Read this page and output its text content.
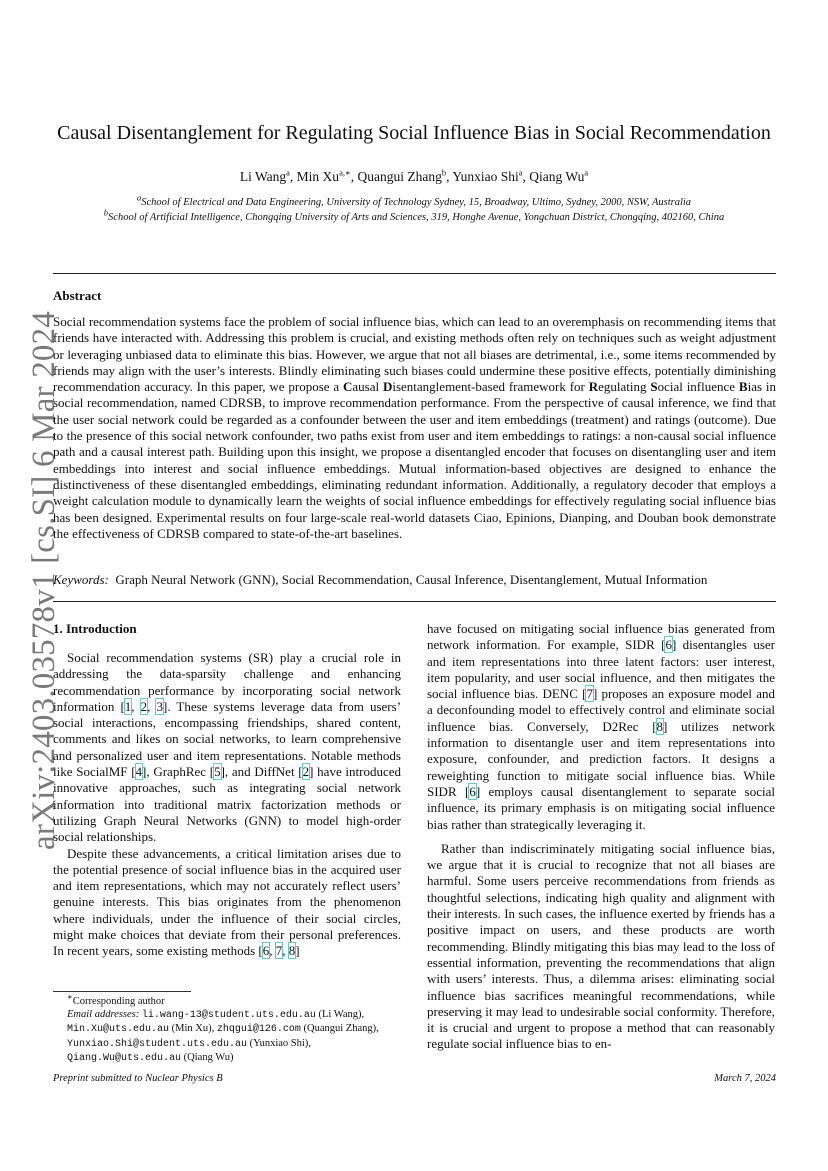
arXiv:2403.03578v1 [cs.SI] 6 Mar 2024
Causal Disentanglement for Regulating Social Influence Bias in Social Recommendation
Li Wang$^a$, Min $Xu^{a,∗}$, Quangui Zhang$^b$, Yunxiao Shi$^a$, Qiang Wu$^a$
$^a$School of Electrical and Data Engineering, University of Technology Sydney, 15, Broadway, Ultimo, Sydney, 2000, NSW, Australia
$^b$School of Artificial Intelligence, Chongqing University of Arts and Sciences, 319, Honghe Avenue, Yongchuan District, Chongqing, 402160, China
Abstract
Social recommendation systems face the problem of social influence bias, which can lead to an overemphasis on recommending items that friends have interacted with. Addressing this problem is crucial, and existing methods often rely on techniques such as weight adjustment or leveraging unbiased data to eliminate this bias. However, we argue that not all biases are detrimental, i.e., some items recommended by friends may align with the user’s interests. Blindly eliminating such biases could undermine these positive effects, potentially diminishing recommendation accuracy. In this paper, we propose a Causal Disentanglement-based framework for Regulating Social influence Bias in social recommendation, named CDRSB, to improve recommendation performance. From the perspective of causal inference, we find that the user social network could be regarded as a confounder between the user and item embeddings (treatment) and ratings (outcome). Due to the presence of this social network confounder, two paths exist from user and item embeddings to ratings: a non-causal social influence path and a causal interest path. Building upon this insight, we propose a disentangled encoder that focuses on disentangling user and item embeddings into interest and social influence embeddings. Mutual information-based objectives are designed to enhance the distinctiveness of these disentangled embeddings, eliminating redundant information. Additionally, a regulatory decoder that employs a weight calculation module to dynamically learn the weights of social influence embeddings for effectively regulating social influence bias has been designed. Experimental results on four large-scale real-world datasets Ciao, Epinions, Dianping, and Douban book demonstrate the effectiveness of CDRSB compared to state-of-the-art baselines.
Keywords: Graph Neural Network (GNN), Social Recommendation, Causal Inference, Disentanglement, Mutual Information
1. Introduction

Social recommendation systems (SR) play a crucial role in addressing the data-sparsity challenge and enhancing recommendation performance by incorporating social network information [1, 2, 3]. These systems leverage data from users’ social interactions, encompassing friendships, shared content, comments and likes on social networks, to learn comprehensive and personalized user and item representations. Notable methods like SocialMF [4], GraphRec [5], and DiffNet [2] have introduced innovative approaches, such as integrating social network information into traditional matrix factorization methods or utilizing Graph Neural Networks (GNN) to model high-order social relationships.

Despite these advancements, a critical limitation arises due to the potential presence of social influence bias in the acquired user and item representations, which may not accurately reflect users’ genuine interests. This bias originates from the phenomenon where individuals, under the influence of their social circles, might make choices that deviate from their personal preferences. In recent years, some existing methods [6, 7, 8]

have focused on mitigating social influence bias generated from network information. For example, SIDR [6] disentangles user and item representations into three latent factors: user interest, item popularity, and user social influence, and then mitigates the social influence bias. DENC [7] proposes an exposure model and a deconfounding model to effectively control and eliminate social influence bias. Conversely, D2Rec [8] utilizes network information to disentangle user and item representations into exposure, confounder, and prediction factors. It designs a reweighting function to mitigate social influence bias. While SIDR [6] employs causal disentanglement to separate social influence, its primary emphasis is on mitigating social influence bias rather than strategically leveraging it.

Rather than indiscriminately mitigating social influence bias, we argue that it is crucial to recognize that not all biases are harmful. Some users perceive recommendations from friends as thoughtful selections, indicating high quality and alignment with their interests. In such cases, the influence exerted by friends has a positive impact on users, and these products are worth recommending. Blindly mitigating this bias may lead to the loss of essential information, preventing the recommendations that align with users’ interests. Thus, a dilemma arises: eliminating social influence bias sacrifices meaningful recommendations, while preserving it may lead to undesirable social conformity. Therefore, it is crucial and urgent to propose a method that can reasonably regulate social influence bias to en-

∗Corresponding author
Email addresses: li.wang-13@student.uts.edu.au (Li Wang), Min.Xu@uts.edu.au (Min Xu), zhqgui@126.com (Quangui Zhang), Yunxiao.Shi@student.uts.edu.au (Yunxiao Shi), Qiang.Wu@uts.edu.au (Qiang Wu)
Preprint submitted to Nuclear Physics B	March 7, 2024
